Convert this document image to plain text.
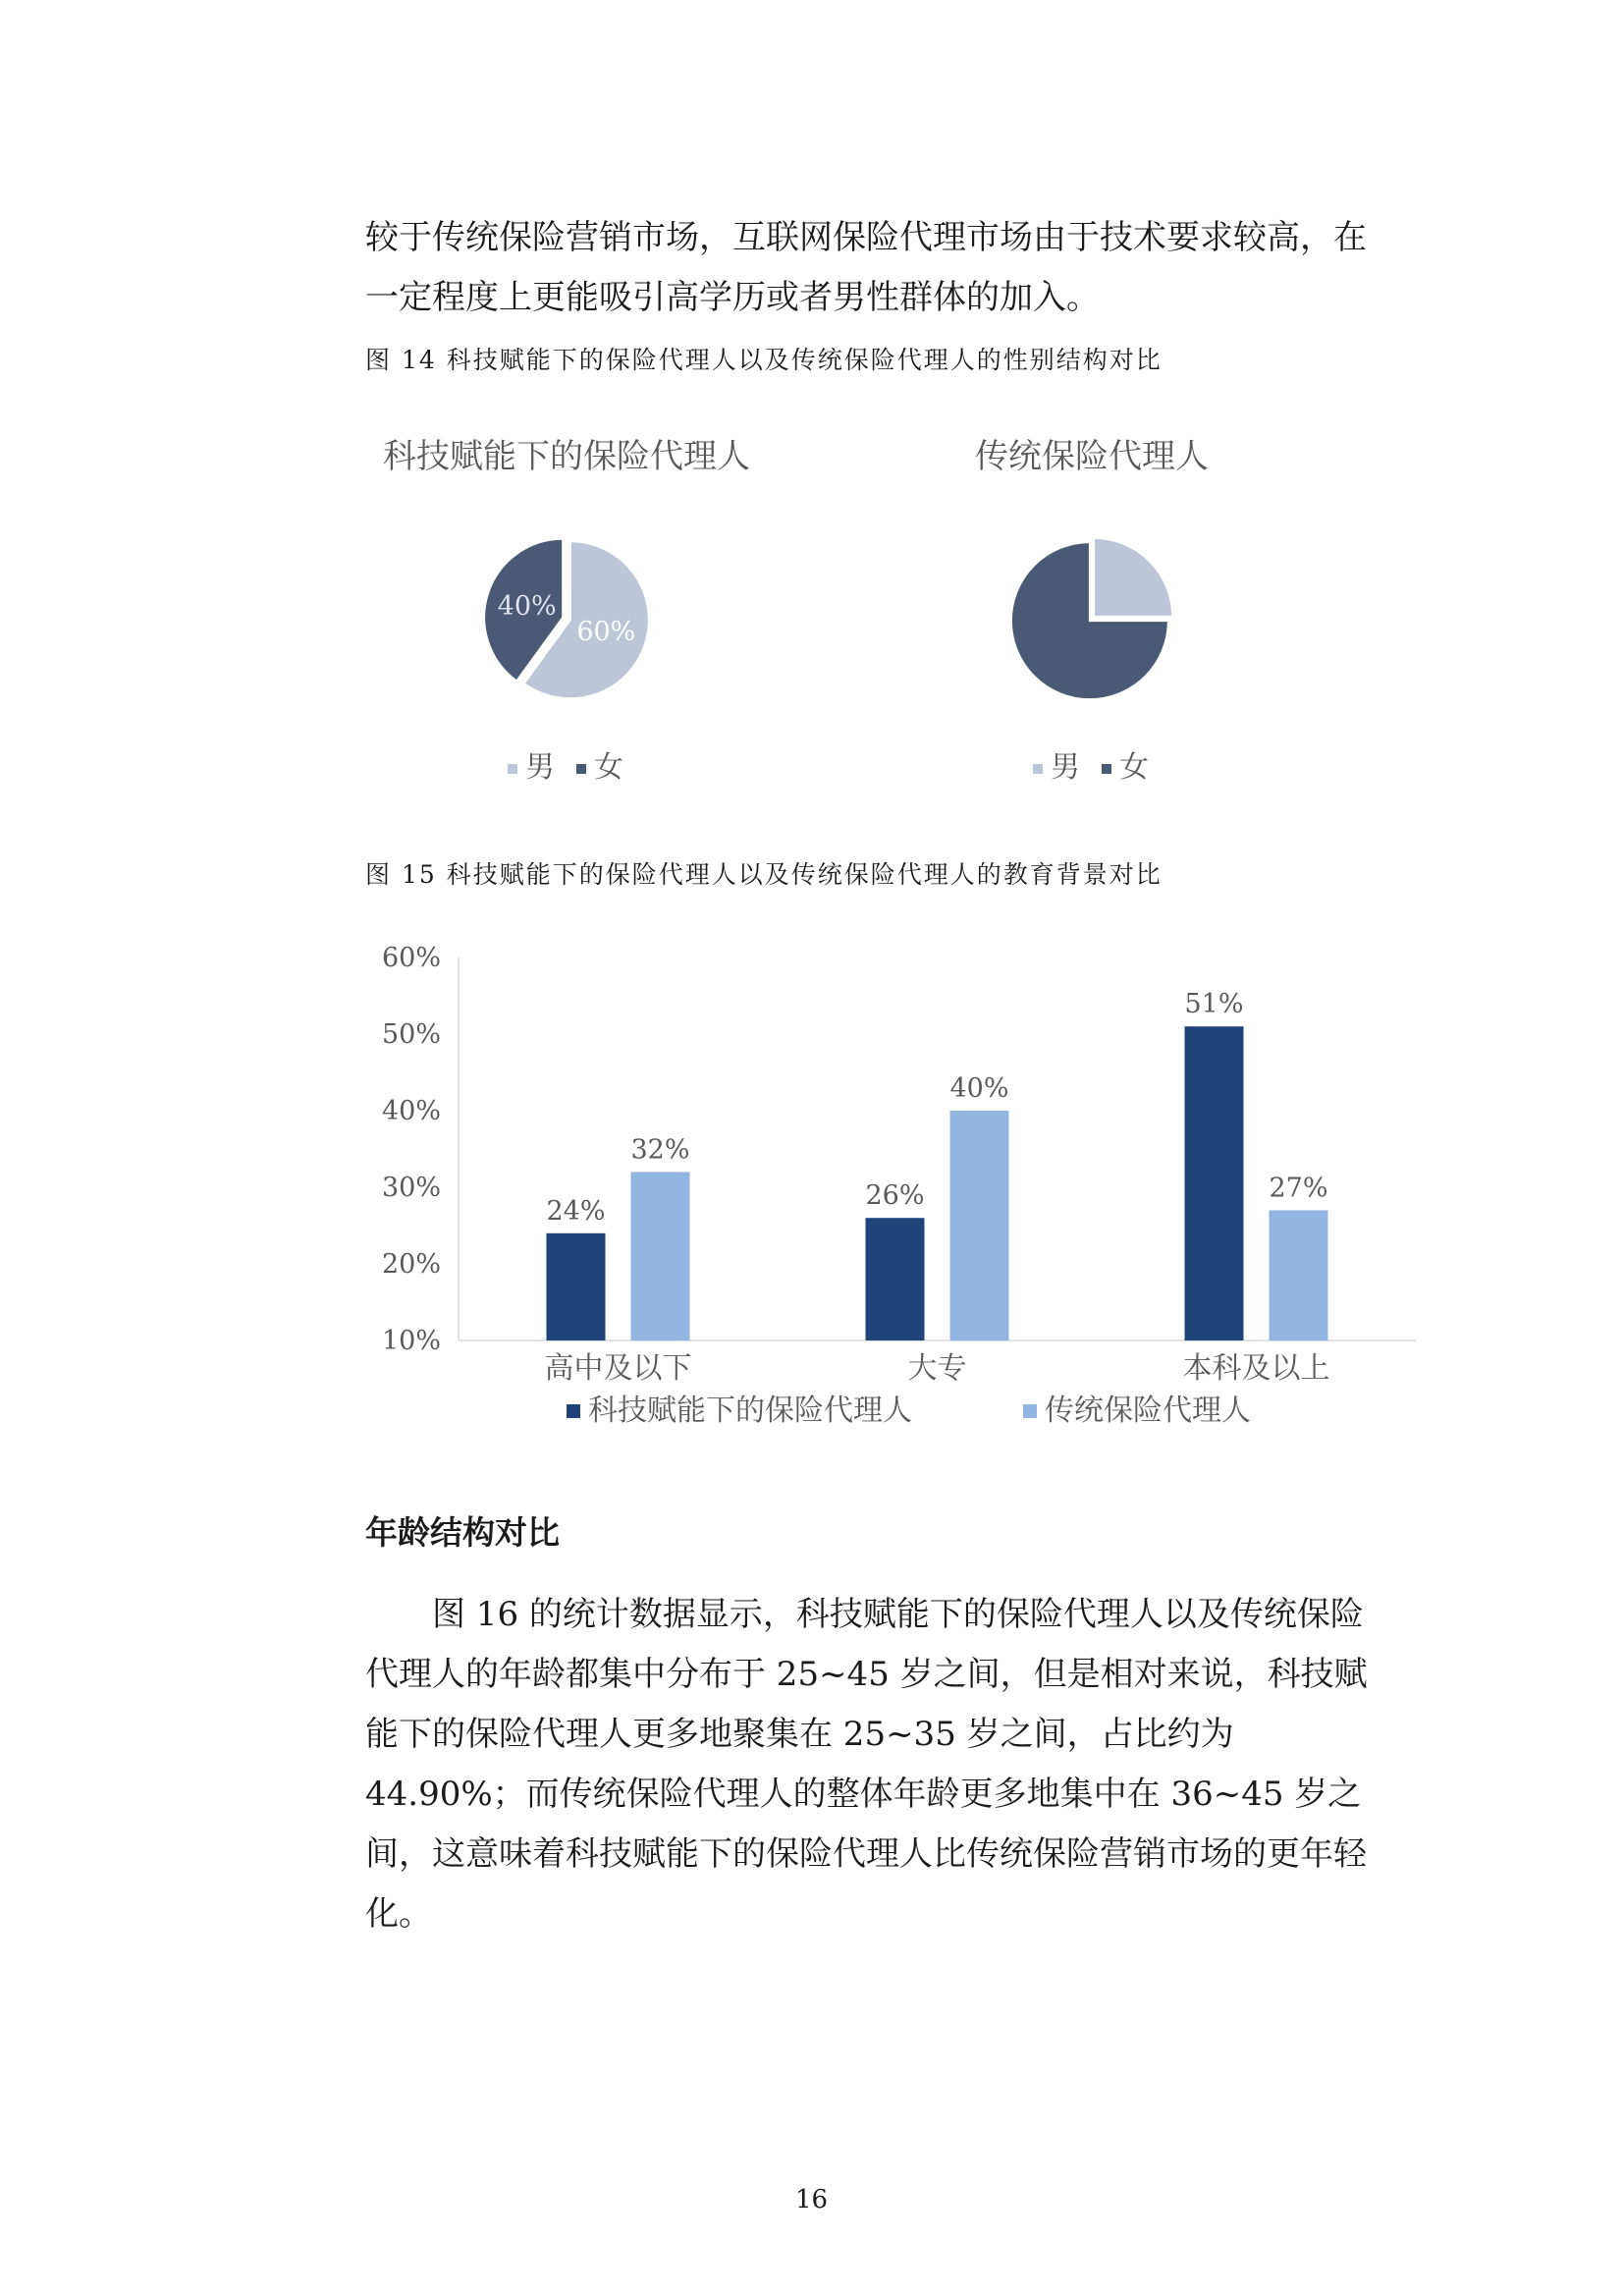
较于传统保险营销市场，互联网保险代理市场由于技术要求较高，在一定程度上更能吸引高学历或者男性群体的加入。

图 14 科技赋能下的保险代理人以及传统保险代理人的性别结构对比

科技赋能下的保险代理人
60%
40%
男 女
传统保险代理人
男 女

图 15 科技赋能下的保险代理人以及传统保险代理人的教育背景对比

60%
50%
40%
30%
20%
10%
24%
32%
高中及以下
26%
40%
大专
51%
27%
本科及以上
科技赋能下的保险代理人	传统保险代理人
年龄结构对比

图 16 的统计数据显示，科技赋能下的保险代理人以及传统保险代理人的年龄都集中分布于 25~45 岁之间，但是相对来说，科技赋能下的保险代理人更多地聚集在 25~35 岁之间，占比约为 44.90%；而传统保险代理人的整体年龄更多地集中在 36~45 岁之间，这意味着科技赋能下的保险代理人比传统保险营销市场的更年轻化。

16
